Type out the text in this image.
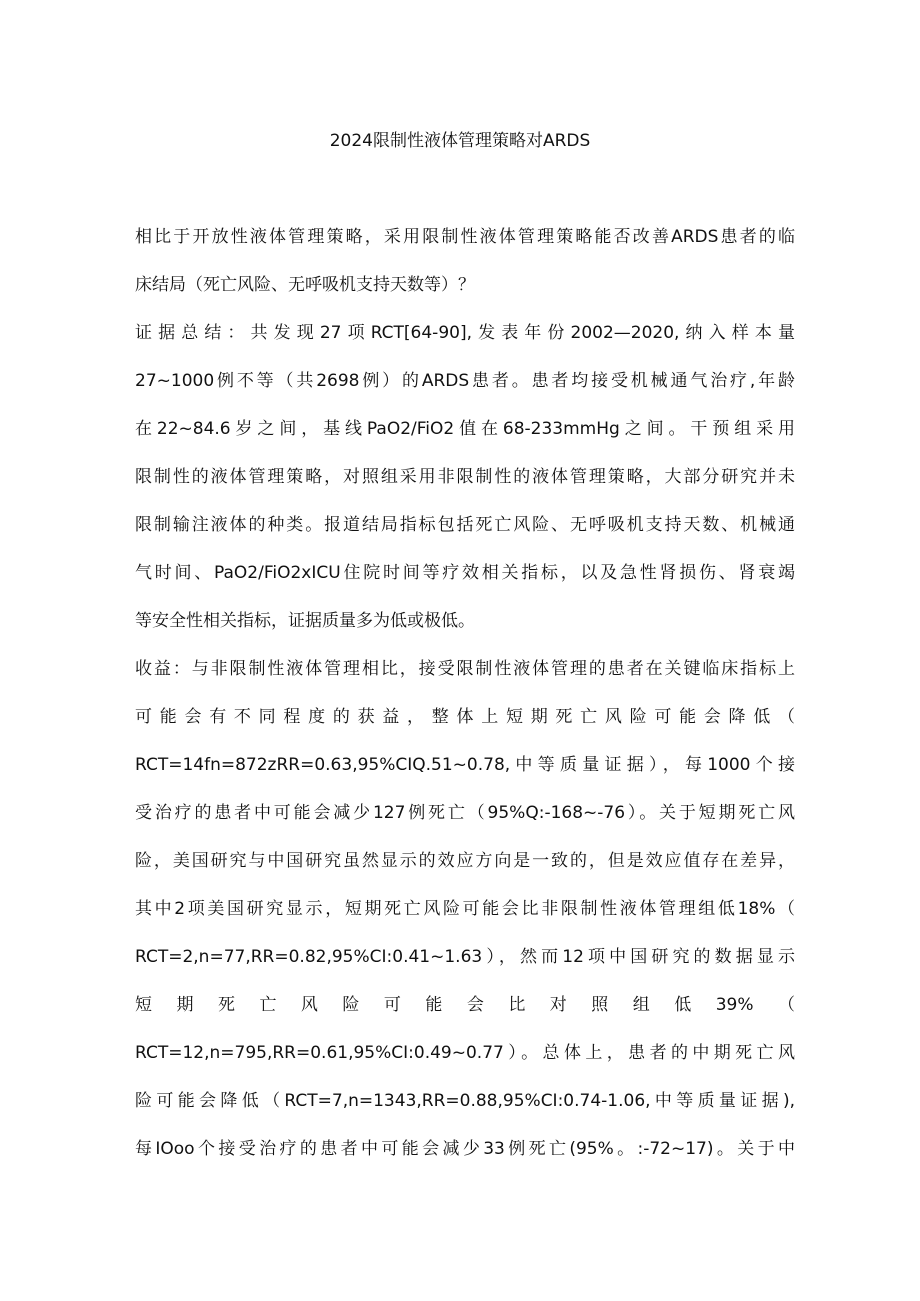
2024限制性液体管理策略对ARDS

相比于开放性液体管理策略，采用限制性液体管理策略能否改善ARDS患者的临

床结局（死亡风险、无呼吸机支持天数等）？

证据总结：共发现27项RCT[64-90],发表年份2002—2020,纳入样本量

27~1000例不等（共2698例）的ARDS患者。患者均接受机械通气治疗,年龄

在22~84.6岁之间，基线PaO2/FiO2值在68-233mmHg之间。干预组采用

限制性的液体管理策略，对照组采用非限制性的液体管理策略，大部分研究并未

限制输注液体的种类。报道结局指标包括死亡风险、无呼吸机支持天数、机械通

气时间、PaO2/FiO2xICU住院时间等疗效相关指标，以及急性肾损伤、肾衰竭

等安全性相关指标，证据质量多为低或极低。

收益：与非限制性液体管理相比，接受限制性液体管理的患者在关键临床指标上

可能会有不同程度的获益，整体上短期死亡风险可能会降低（

RCT=14fn=872zRR=0.63,95%CIQ.51~0.78,中等质量证据），每1000个接

受治疗的患者中可能会减少127例死亡（95%Q:-168~-76）。关于短期死亡风

险，美国研究与中国研究虽然显示的效应方向是一致的，但是效应值存在差异，

其中2项美国研究显示，短期死亡风险可能会比非限制性液体管理组低18%（

RCT=2,n=77,RR=0.82,95%CI:0.41~1.63），然而12项中国研究的数据显示

短期死亡风险可能会比对照组低39%（

RCT=12,n=795,RR=0.61,95%CI:0.49~0.77）。总体上，患者的中期死亡风

险可能会降低（RCT=7,n=1343,RR=0.88,95%CI:0.74-1.06,中等质量证据),

每IOoo个接受治疗的患者中可能会减少33例死亡(95%。:-72~17)。关于中
